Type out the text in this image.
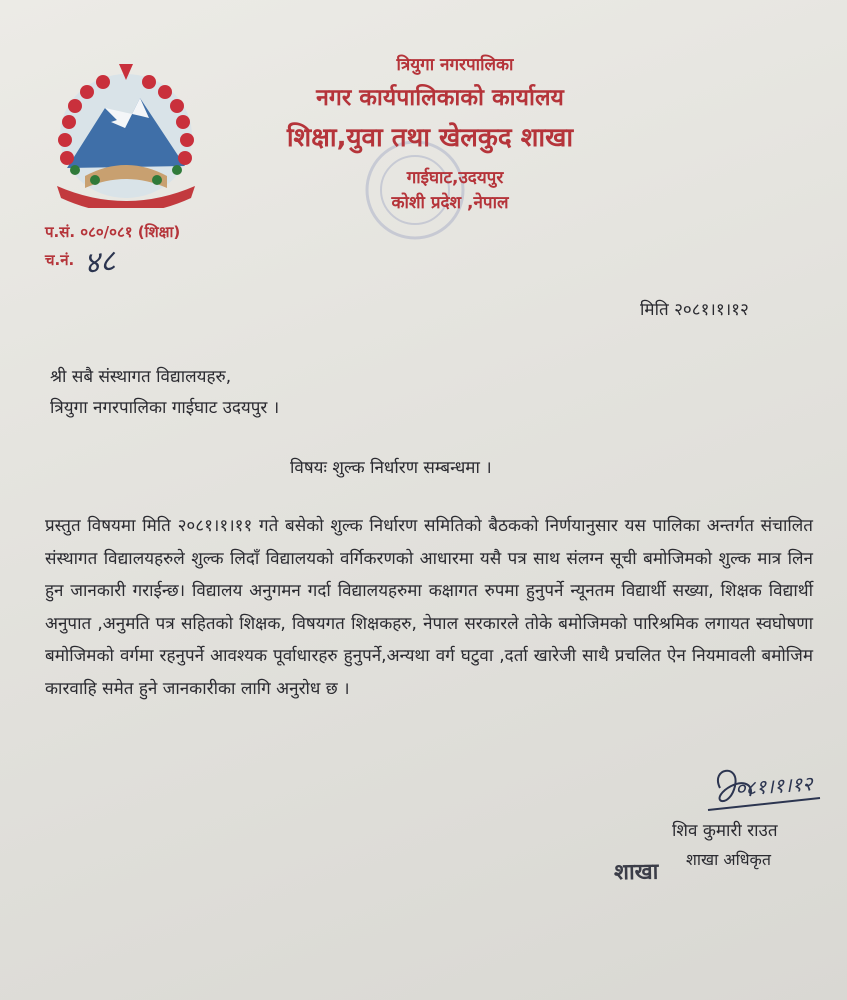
त्रियुगा नगरपालिका
नगर कार्यपालिकाको कार्यालय
शिक्षा,युवा तथा खेलकुद शाखा
गाईघाट,उदयपुर
कोशी प्रदेश ,नेपाल
प.सं. ०८०/०८१ (शिक्षा)
च.नं. ४८
मिति २०८१।१।१२
श्री सबै संस्थागत विद्यालयहरु,
त्रियुगा नगरपालिका गाईघाट उदयपुर ।
विषयः शुल्क निर्धारण सम्बन्धमा ।
प्रस्तुत विषयमा मिति २०८१।१।११ गते बसेको शुल्क निर्धारण समितिको बैठकको निर्णयानुसार यस पालिका अन्तर्गत संचालित संस्थागत विद्यालयहरुले शुल्क लिदाँ विद्यालयको वर्गिकरणको आधारमा यसै पत्र साथ संलग्न सूची बमोजिमको शुल्क मात्र लिन हुन जानकारी गराईन्छ। विद्यालय अनुगमन गर्दा विद्यालयहरुमा कक्षागत रुपमा हुनुपर्ने न्यूनतम विद्यार्थी सख्या, शिक्षक विद्यार्थी अनुपात ,अनुमति पत्र सहितको शिक्षक, विषयगत शिक्षकहरु, नेपाल सरकारले तोके बमोजिमको पारिश्रमिक लगायत स्वघोषणा बमोजिमको वर्गमा रहनुपर्ने आवश्यक पूर्वाधारहरु हुनुपर्ने,अन्यथा वर्ग घटुवा ,दर्ता खारेजी साथै प्रचलित ऐन नियमावली बमोजिम कारवाहि समेत हुने जानकारीका लागि अनुरोध छ ।
०८१।१।१२
शिव कुमारी राउत
शाखा अधिकृत
शाखा
